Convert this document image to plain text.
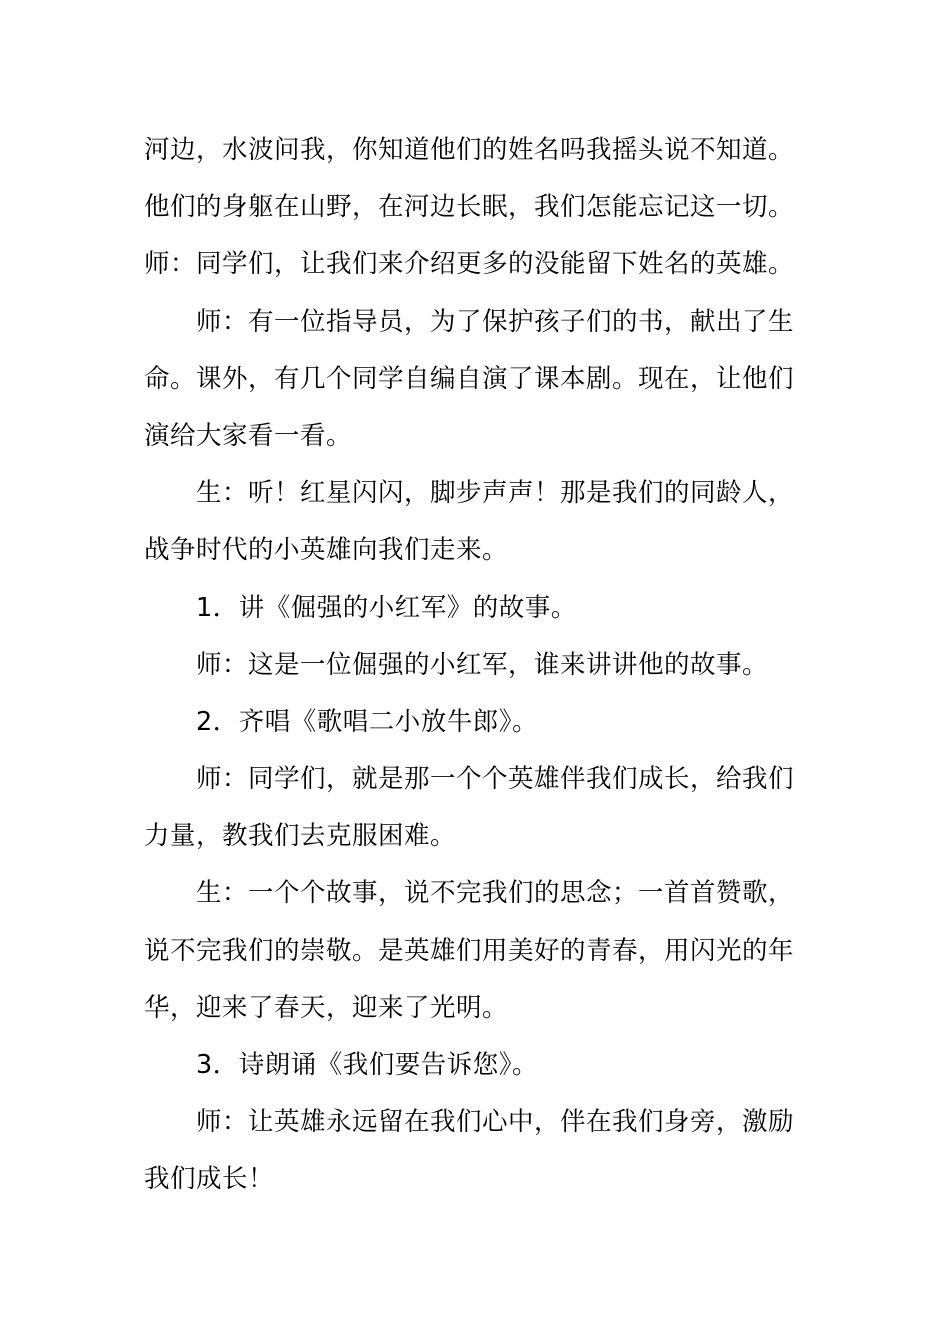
河边，水波问我，你知道他们的姓名吗我摇头说不知道。
他们的身躯在山野，在河边长眠，我们怎能忘记这一切。
师：同学们，让我们来介绍更多的没能留下姓名的英雄。
师：有一位指导员，为了保护孩子们的书，献出了生
命。课外，有几个同学自编自演了课本剧。现在，让他们
演给大家看一看。
生：听！红星闪闪，脚步声声！那是我们的同龄人，
战争时代的小英雄向我们走来。
1．讲《倔强的小红军》的故事。
师：这是一位倔强的小红军，谁来讲讲他的故事。
2．齐唱《歌唱二小放牛郎》。
师：同学们，就是那一个个英雄伴我们成长，给我们
力量，教我们去克服困难。
生：一个个故事，说不完我们的思念；一首首赞歌，
说不完我们的崇敬。是英雄们用美好的青春，用闪光的年
华，迎来了春天，迎来了光明。
3．诗朗诵《我们要告诉您》。
师：让英雄永远留在我们心中，伴在我们身旁，激励
我们成长！
